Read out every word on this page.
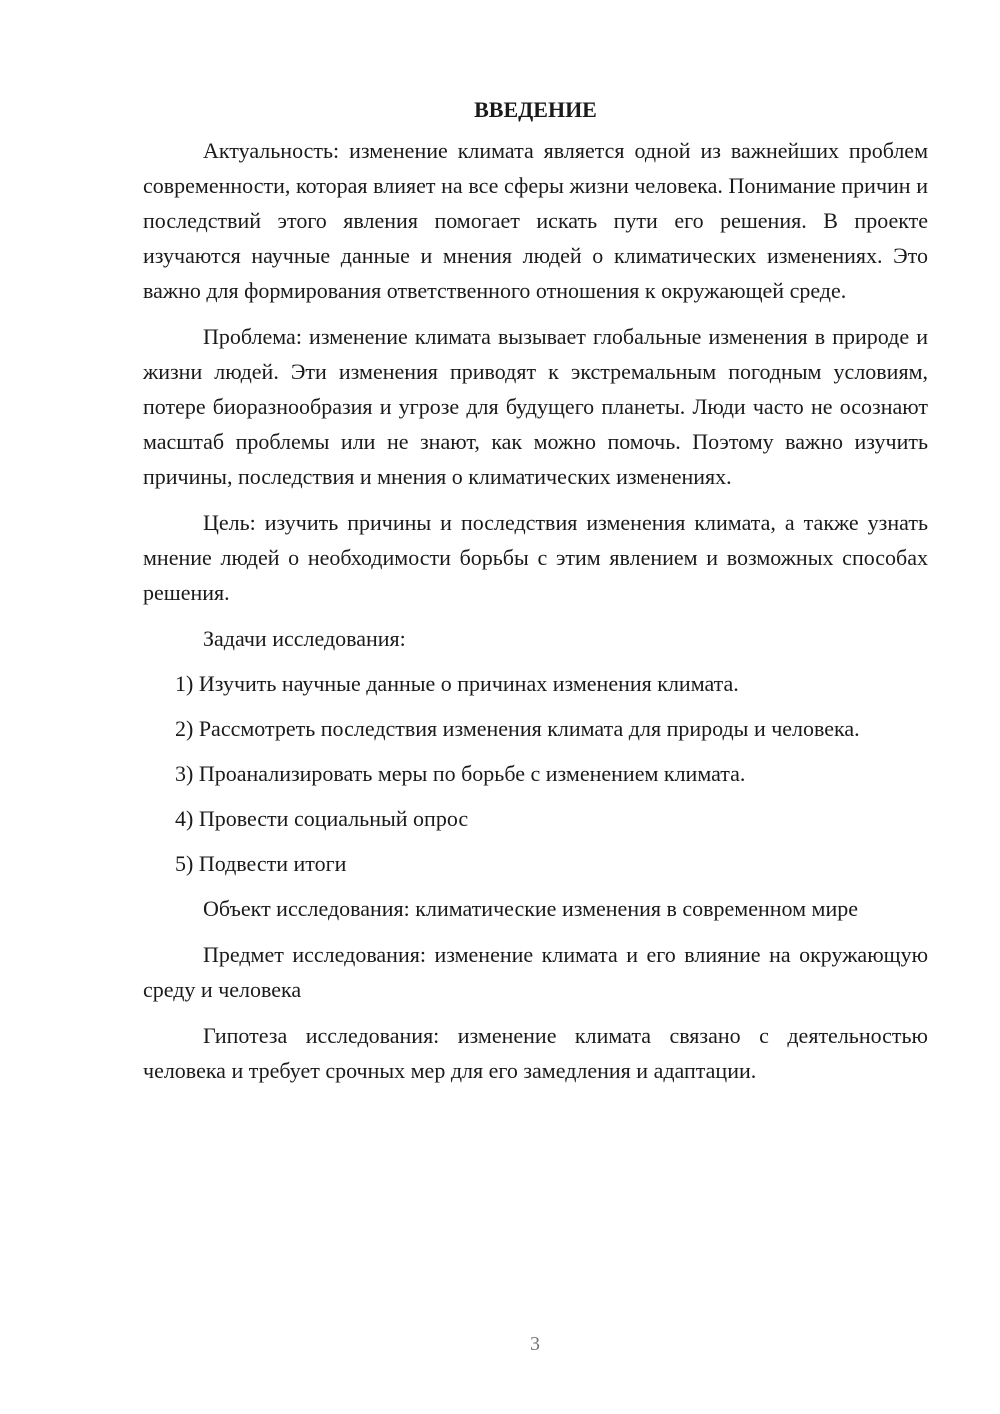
ВВЕДЕНИЕ

Актуальность: изменение климата является одной из важнейших проблем современности, которая влияет на все сферы жизни человека. Понимание причин и последствий этого явления помогает искать пути его решения. В проекте изучаются научные данные и мнения людей о климатических изменениях. Это важно для формирования ответственного отношения к окружающей среде.

Проблема: изменение климата вызывает глобальные изменения в природе и жизни людей. Эти изменения приводят к экстремальным погодным условиям, потере биоразнообразия и угрозе для будущего планеты. Люди часто не осознают масштаб проблемы или не знают, как можно помочь. Поэтому важно изучить причины, последствия и мнения о климатических изменениях.

Цель: изучить причины и последствия изменения климата, а также узнать мнение людей о необходимости борьбы с этим явлением и возможных способах решения.

Задачи исследования:

1) Изучить научные данные о причинах изменения климата.

2) Рассмотреть последствия изменения климата для природы и человека.

3) Проанализировать меры по борьбе с изменением климата.

4) Провести социальный опрос

5) Подвести итоги

Объект исследования: климатические изменения в современном мире

Предмет исследования: изменение климата и его влияние на окружающую среду и человека

Гипотеза исследования: изменение климата связано с деятельностью человека и требует срочных мер для его замедления и адаптации.

3
